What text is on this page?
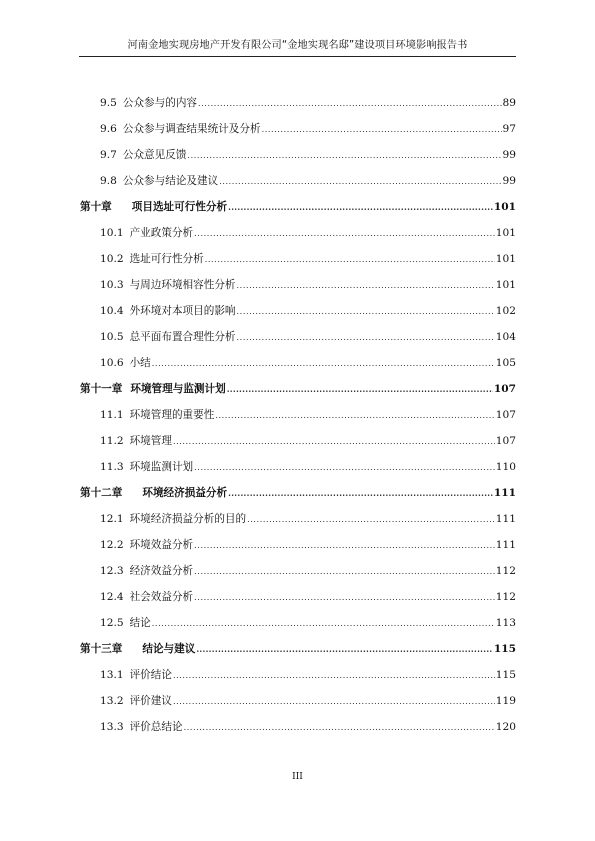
河南金地实现房地产开发有限公司“金地实现名邸”建设项目环境影响报告书
9.5 公众参与的内容 .....	89
9.6 公众参与调查结果统计及分析 .....	97
9.7 公众意见反馈 .....	99
9.8 公众参与结论及建议 .....	99
第十章 项目选址可行性分析 .....	101
10.1 产业政策分析 .....	101
10.2 选址可行性分析 .....	101
10.3 与周边环境相容性分析 .....	101
10.4 外环境对本项目的影响 .....	102
10.5 总平面布置合理性分析 .....	104
10.6 小结 .....	105
第十一章 环境管理与监测计划 .....	107
11.1 环境管理的重要性 .....	107
11.2 环境管理 .....	107
11.3 环境监测计划 .....	110
第十二章 环境经济损益分析 .....	111
12.1 环境经济损益分析的目的 .....	111
12.2 环境效益分析 .....	111
12.3 经济效益分析 .....	112
12.4 社会效益分析 .....	112
12.5 结论 .....	113
第十三章 结论与建议 .....	115
13.1 评价结论 .....	115
13.2 评价建议 .....	119
13.3 评价总结论 .....	120
III
